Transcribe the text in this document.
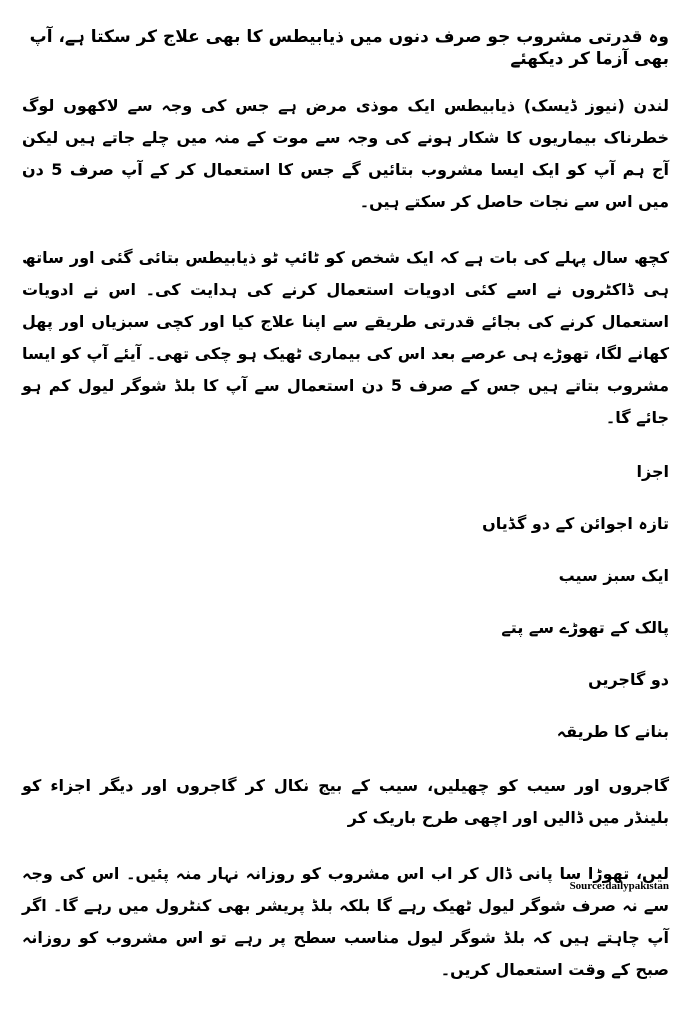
وہ قدرتی مشروب جو صرف دنوں میں ذیابیطس کا بھی علاج کر سکتا ہے، آپ بھی آزما کر دیکھئے

لندن (نیوز ڈیسک) ذیابیطس ایک موذی مرض ہے جس کی وجہ سے لاکھوں لوگ خطرناک بیماریوں کا شکار ہونے کی وجہ سے موت کے منہ میں چلے جاتے ہیں لیکن آج ہم آپ کو ایک ایسا مشروب بتائیں گے جس کا استعمال کر کے آپ صرف 5 دن میں اس سے نجات حاصل کر سکتے ہیں۔

کچھ سال پہلے کی بات ہے کہ ایک شخص کو ٹائپ ٹو ذیابیطس بتائی گئی اور ساتھ ہی ڈاکٹروں نے اسے کئی ادویات استعمال کرنے کی ہدایت کی۔ اس نے ادویات استعمال کرنے کی بجائے قدرتی طریقے سے اپنا علاج کیا اور کچی سبزیاں اور پھل کھانے لگا، تھوڑے ہی عرصے بعد اس کی بیماری ٹھیک ہو چکی تھی۔ آیئے آپ کو ایسا مشروب بتاتے ہیں جس کے صرف 5 دن استعمال سے آپ کا بلڈ شوگر لیول کم ہو جائے گا۔

اجزا

تازہ اجوائن کے دو گڈیاں

ایک سبز سیب

پالک کے تھوڑے سے پتے

دو گاجریں

بنانے کا طریقہ

گاجروں اور سیب کو چھیلیں، سیب کے بیج نکال کر گاجروں اور دیگر اجزاء کو بلینڈر میں ڈالیں اور اچھی طرح باریک کر

لیں، تھوڑا سا پانی ڈال کر اب اس مشروب کو روزانہ نہار منہ پئیں۔ اس کی وجہ سے نہ صرف شوگر لیول ٹھیک رہے گا بلکہ بلڈ پریشر بھی کنٹرول میں رہے گا۔ اگر آپ چاہتے ہیں کہ بلڈ شوگر لیول مناسب سطح پر رہے تو اس مشروب کو روزانہ صبح کے وقت استعمال کریں۔

Source:dailypakistan
